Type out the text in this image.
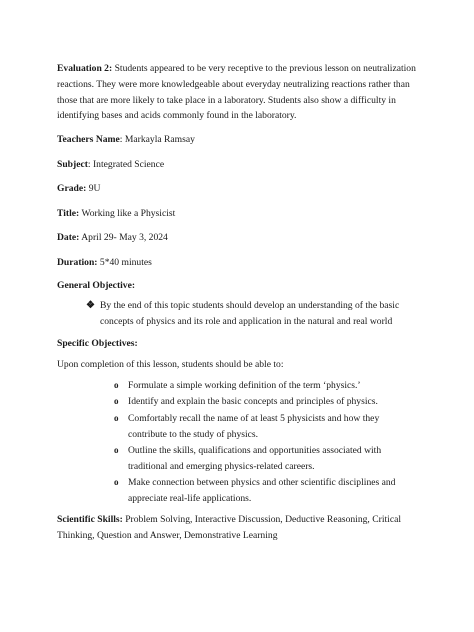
Evaluation 2: Students appeared to be very receptive to the previous lesson on neutralization reactions. They were more knowledgeable about everyday neutralizing reactions rather than those that are more likely to take place in a laboratory. Students also show a difficulty in identifying bases and acids commonly found in the laboratory.

Teachers Name: Markayla Ramsay

Subject: Integrated Science

Grade: 9U

Title: Working like a Physicist

Date: April 29- May 3, 2024

Duration: 5*40 minutes

General Objective:

❖ By the end of this topic students should develop an understanding of the basic concepts of physics and its role and application in the natural and real world

Specific Objectives:

Upon completion of this lesson, students should be able to:

o Formulate a simple working definition of the term ‘physics.’
o Identify and explain the basic concepts and principles of physics.
o Comfortably recall the name of at least 5 physicists and how they contribute to the study of physics.
o Outline the skills, qualifications and opportunities associated with traditional and emerging physics-related careers.
o Make connection between physics and other scientific disciplines and appreciate real-life applications.

Scientific Skills: Problem Solving, Interactive Discussion, Deductive Reasoning, Critical Thinking, Question and Answer, Demonstrative Learning
